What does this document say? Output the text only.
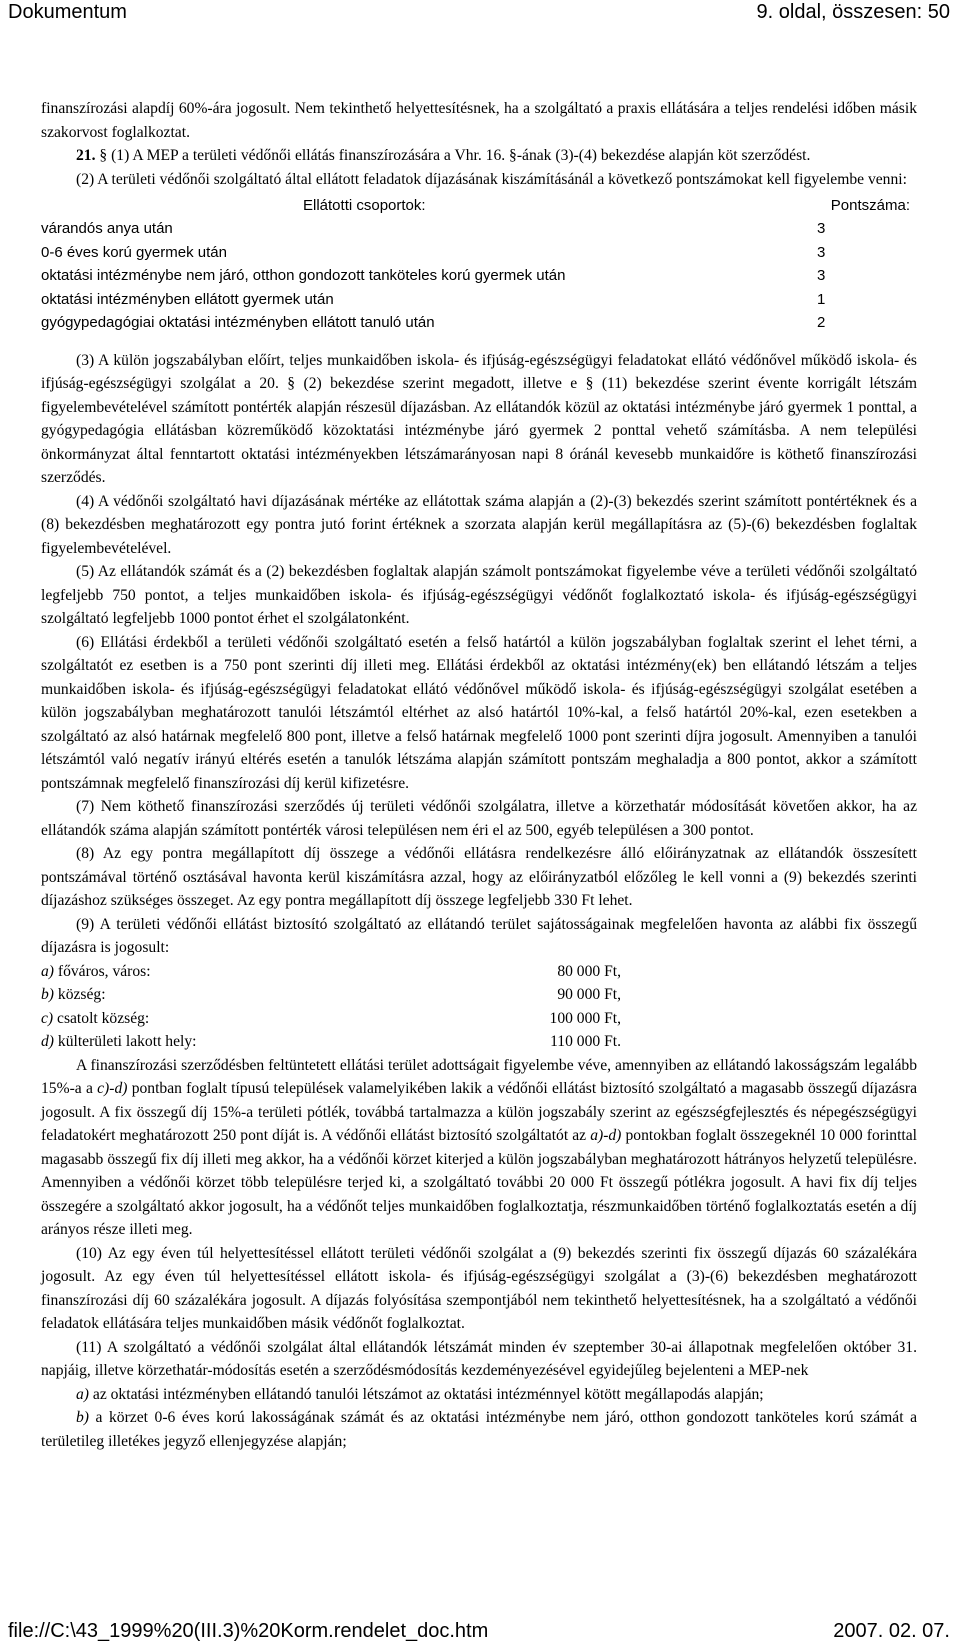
Dokumentum	9. oldal, összesen: 50

finanszírozási alapdíj 60%-ára jogosult. Nem tekinthető helyettesítésnek, ha a szolgáltató a praxis ellátására a teljes rendelési időben másik szakorvost foglalkoztat.

21. § (1) A MEP a területi védőnői ellátás finanszírozására a Vhr. 16. §-ának (3)-(4) bekezdése alapján köt szerződést.

(2) A területi védőnői szolgáltató által ellátott feladatok díjazásának kiszámításánál a következő pontszámokat kell figyelembe venni:

Ellátotti csoportok:	Pontszáma:
várandós anya után	3
0-6 éves korú gyermek után	3
oktatási intézménybe nem járó, otthon gondozott tanköteles korú gyermek után	3
oktatási intézményben ellátott gyermek után	1
gyógypedagógiai oktatási intézményben ellátott tanuló után	2

(3) A külön jogszabályban előírt, teljes munkaidőben iskola- és ifjúság-egészségügyi feladatokat ellátó védőnővel működő iskola- és ifjúság-egészségügyi szolgálat a 20. § (2) bekezdése szerint megadott, illetve e § (11) bekezdése szerint évente korrigált létszám figyelembevételével számított pontérték alapján részesül díjazásban. Az ellátandók közül az oktatási intézménybe járó gyermek 1 ponttal, a gyógypedagógia ellátásban közreműködő közoktatási intézménybe járó gyermek 2 ponttal vehető számításba. A nem települési önkormányzat által fenntartott oktatási intézményekben létszámarányosan napi 8 óránál kevesebb munkaidőre is köthető finanszírozási szerződés.

(4) A védőnői szolgáltató havi díjazásának mértéke az ellátottak száma alapján a (2)-(3) bekezdés szerint számított pontértéknek és a (8) bekezdésben meghatározott egy pontra jutó forint értéknek a szorzata alapján kerül megállapításra az (5)-(6) bekezdésben foglaltak figyelembevételével.

(5) Az ellátandók számát és a (2) bekezdésben foglaltak alapján számolt pontszámokat figyelembe véve a területi védőnői szolgáltató legfeljebb 750 pontot, a teljes munkaidőben iskola- és ifjúság-egészségügyi védőnőt foglalkoztató iskola- és ifjúság-egészségügyi szolgáltató legfeljebb 1000 pontot érhet el szolgálatonként.

(6) Ellátási érdekből a területi védőnői szolgáltató esetén a felső határtól a külön jogszabályban foglaltak szerint el lehet térni, a szolgáltatót ez esetben is a 750 pont szerinti díj illeti meg. Ellátási érdekből az oktatási intézmény(ek) ben ellátandó létszám a teljes munkaidőben iskola- és ifjúság-egészségügyi feladatokat ellátó védőnővel működő iskola- és ifjúság-egészségügyi szolgálat esetében a külön jogszabályban meghatározott tanulói létszámtól eltérhet az alsó határtól 10%-kal, a felső határtól 20%-kal, ezen esetekben a szolgáltató az alsó határnak megfelelő 800 pont, illetve a felső határnak megfelelő 1000 pont szerinti díjra jogosult. Amennyiben a tanulói létszámtól való negatív irányú eltérés esetén a tanulók létszáma alapján számított pontszám meghaladja a 800 pontot, akkor a számított pontszámnak megfelelő finanszírozási díj kerül kifizetésre.

(7) Nem köthető finanszírozási szerződés új területi védőnői szolgálatra, illetve a körzethatár módosítását követően akkor, ha az ellátandók száma alapján számított pontérték városi településen nem éri el az 500, egyéb településen a 300 pontot.

(8) Az egy pontra megállapított díj összege a védőnői ellátásra rendelkezésre álló előirányzatnak az ellátandók összesített pontszámával történő osztásával havonta kerül kiszámításra azzal, hogy az előirányzatból előzőleg le kell vonni a (9) bekezdés szerinti díjazáshoz szükséges összeget. Az egy pontra megállapított díj összege legfeljebb 330 Ft lehet.

(9) A területi védőnői ellátást biztosító szolgáltató az ellátandó terület sajátosságainak megfelelően havonta az alábbi fix összegű díjazásra is jogosult:

a) főváros, város:	80 000 Ft,
b) község:	90 000 Ft,
c) csatolt község:	100 000 Ft,
d) külterületi lakott hely:	110 000 Ft.

A finanszírozási szerződésben feltüntetett ellátási terület adottságait figyelembe véve, amennyiben az ellátandó lakosságszám legalább 15%-a a c)-d) pontban foglalt típusú települések valamelyikében lakik a védőnői ellátást biztosító szolgáltató a magasabb összegű díjazásra jogosult. A fix összegű díj 15%-a területi pótlék, továbbá tartalmazza a külön jogszabály szerint az egészségfejlesztés és népegészségügyi feladatokért meghatározott 250 pont díját is. A védőnői ellátást biztosító szolgáltatót az a)-d) pontokban foglalt összegeknél 10 000 forinttal magasabb összegű fix díj illeti meg akkor, ha a védőnői körzet kiterjed a külön jogszabályban meghatározott hátrányos helyzetű településre. Amennyiben a védőnői körzet több településre terjed ki, a szolgáltató további 20 000 Ft összegű pótlékra jogosult. A havi fix díj teljes összegére a szolgáltató akkor jogosult, ha a védőnőt teljes munkaidőben foglalkoztatja, részmunkaidőben történő foglalkoztatás esetén a díj arányos része illeti meg.

(10) Az egy éven túl helyettesítéssel ellátott területi védőnői szolgálat a (9) bekezdés szerinti fix összegű díjazás 60 százalékára jogosult. Az egy éven túl helyettesítéssel ellátott iskola- és ifjúság-egészségügyi szolgálat a (3)-(6) bekezdésben meghatározott finanszírozási díj 60 százalékára jogosult. A díjazás folyósítása szempontjából nem tekinthető helyettesítésnek, ha a szolgáltató a védőnői feladatok ellátására teljes munkaidőben másik védőnőt foglalkoztat.

(11) A szolgáltató a védőnői szolgálat által ellátandók létszámát minden év szeptember 30-ai állapotnak megfelelően október 31. napjáig, illetve körzethatár-módosítás esetén a szerződésmódosítás kezdeményezésével egyidejűleg bejelenteni a MEP-nek

a) az oktatási intézményben ellátandó tanulói létszámot az oktatási intézménnyel kötött megállapodás alapján;

b) a körzet 0-6 éves korú lakosságának számát és az oktatási intézménybe nem járó, otthon gondozott tanköteles korú számát a területileg illetékes jegyző ellenjegyzése alapján;

file://C:\43_1999%20(III.3)%20Korm.rendelet_doc.htm	2007. 02. 07.
